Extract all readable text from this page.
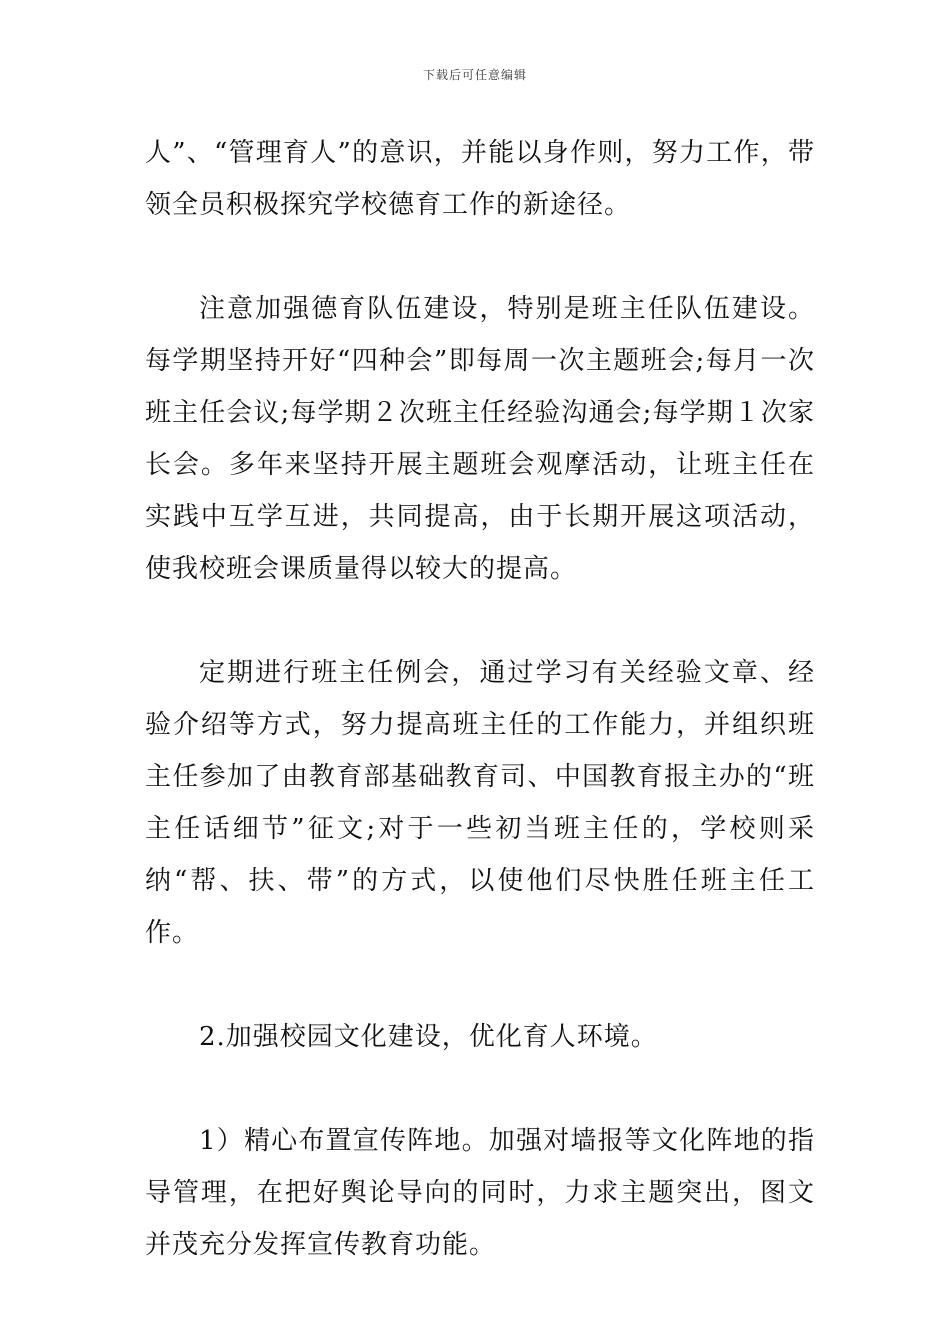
下载后可任意编辑

人”、“管理育人”的意识，并能以身作则，努力工作，带领全员积极探究学校德育工作的新途径。

注意加强德育队伍建设，特别是班主任队伍建设。每学期坚持开好“四种会”即每周一次主题班会;每月一次班主任会议;每学期２次班主任经验沟通会;每学期１次家长会。多年来坚持开展主题班会观摩活动，让班主任在实践中互学互进，共同提高，由于长期开展这项活动，使我校班会课质量得以较大的提高。

定期进行班主任例会，通过学习有关经验文章、经验介绍等方式，努力提高班主任的工作能力，并组织班主任参加了由教育部基础教育司、中国教育报主办的“班主任话细节”征文;对于一些初当班主任的，学校则采纳“帮、扶、带”的方式，以使他们尽快胜任班主任工作。

2.加强校园文化建设，优化育人环境。

1）精心布置宣传阵地。加强对墙报等文化阵地的指导管理，在把好舆论导向的同时，力求主题突出，图文并茂充分发挥宣传教育功能。
